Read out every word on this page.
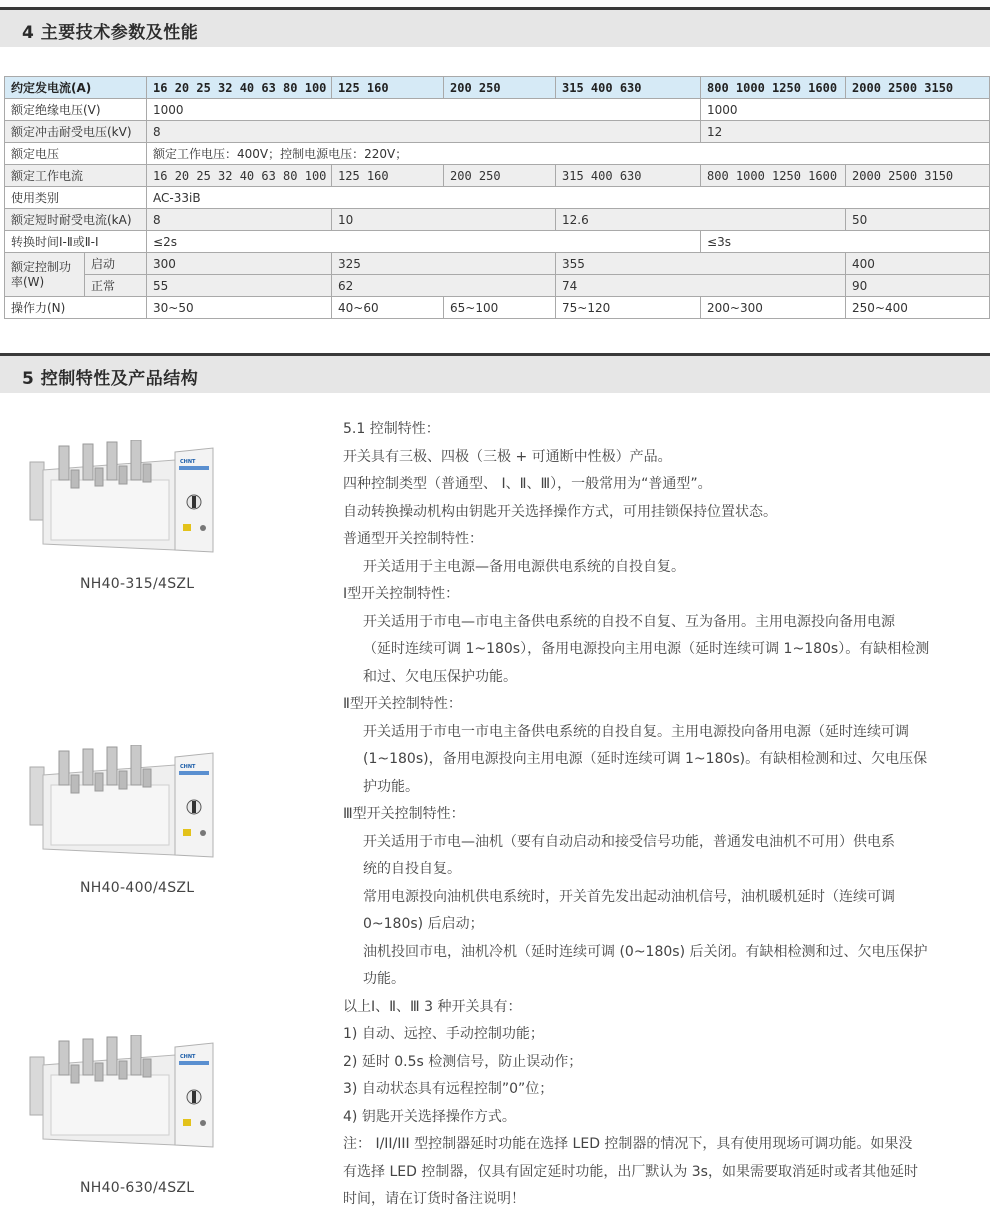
4 主要技术参数及性能
约定发电流(A)		16 20 25 32 40 63 80 100	125 160	200 250	315 400 630	800 1000 1250 1600	2000 2500 3150	
额定绝缘电压(V)		1000				1000		
额定冲击耐受电压(kV)		8				12		
额定电压		额定工作电压：400V；控制电源电压：220V；						
额定工作电流		16 20 25 32 40 63 80 100	125 160	200 250	315 400 630	800 1000 1250 1600	2000 2500 3150	
使用类别		AC-33iB						
额定短时耐受电流(kA)		8	10		12.6		50	
转换时间Ⅰ-Ⅱ或Ⅱ-Ⅰ		≤2s				≤3s		
额定控制功率(W)	启动	300	325		355		400	
	正常	55	62		74		90	
操作力(N)		30~50	40~60	65~100	75~120	200~300	250~400	
5 控制特性及产品结构
CHNT
NH40-315/4SZL
CHNT
NH40-400/4SZL
CHNT
NH40-630/4SZL

5.1 控制特性：

开关具有三极、四极（三极 + 可通断中性极）产品。

四种控制类型（普通型、 Ⅰ、Ⅱ、Ⅲ），一般常用为“普通型”。

自动转换操动机构由钥匙开关选择操作方式，可用挂锁保持位置状态。

普通型开关控制特性：

开关适用于主电源—备用电源供电系统的自投自复。

Ⅰ型开关控制特性：

开关适用于市电—市电主备供电系统的自投不自复、互为备用。主用电源投向备用电源

（延时连续可调 1~180s），备用电源投向主用电源（延时连续可调 1~180s）。有缺相检测

和过、欠电压保护功能。

Ⅱ型开关控制特性：

开关适用于市电一市电主备供电系统的自投自复。主用电源投向备用电源（延时连续可调

(1~180s)，备用电源投向主用电源（延时连续可调 1~180s)。有缺相检测和过、欠电压保

护功能。

Ⅲ型开关控制特性：

开关适用于市电—油机（要有自动启动和接受信号功能，普通发电油机不可用）供电系

统的自投自复。

常用电源投向油机供电系统时，开关首先发出起动油机信号，油机暖机延时（连续可调

0~180s) 后启动；

油机投回市电，油机冷机（延时连续可调 (0~180s) 后关闭。有缺相检测和过、欠电压保护

功能。

以上Ⅰ、Ⅱ、Ⅲ 3 种开关具有：

1) 自动、远控、手动控制功能；

2) 延时 0.5s 检测信号，防止误动作；

3) 自动状态具有远程控制”0”位；

4) 钥匙开关选择操作方式。

注： I/II/III 型控制器延时功能在选择 LED 控制器的情况下，具有使用现场可调功能。如果没

有选择 LED 控制器，仅具有固定延时功能，出厂默认为 3s，如果需要取消延时或者其他延时

时间，请在订货时备注说明！
